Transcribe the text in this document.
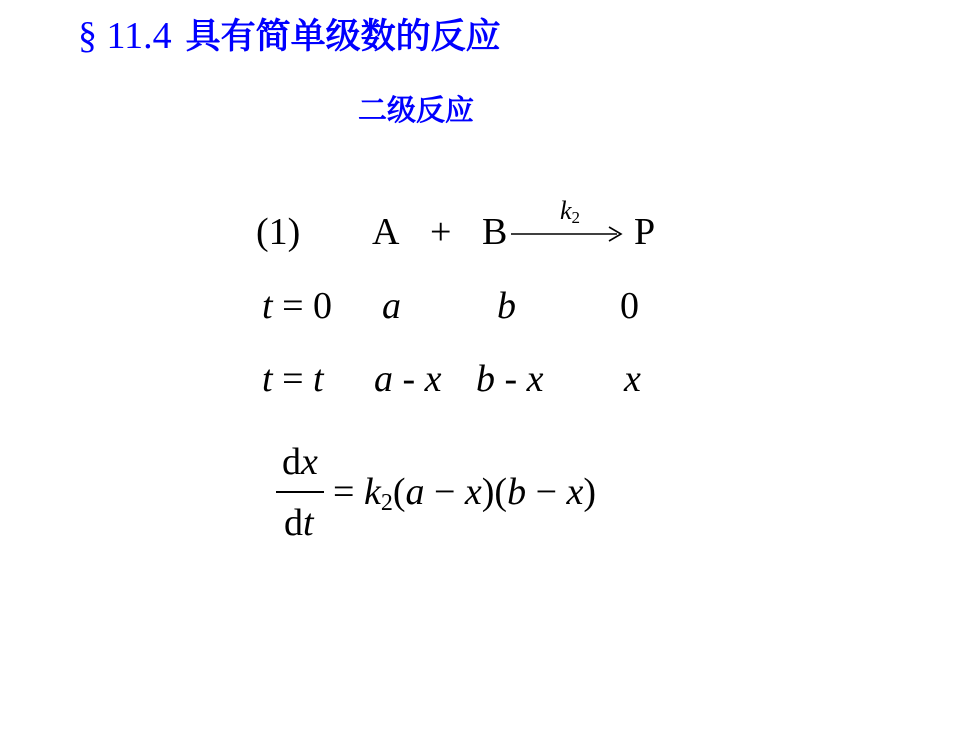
§ 11.4 具有简单级数的反应
二级反应
(1) A + B
$k_2$ P
t = 0 a	b	0
t = t a - x b - x x
dx
dt
= $k_2(a - x)(b - x)$
